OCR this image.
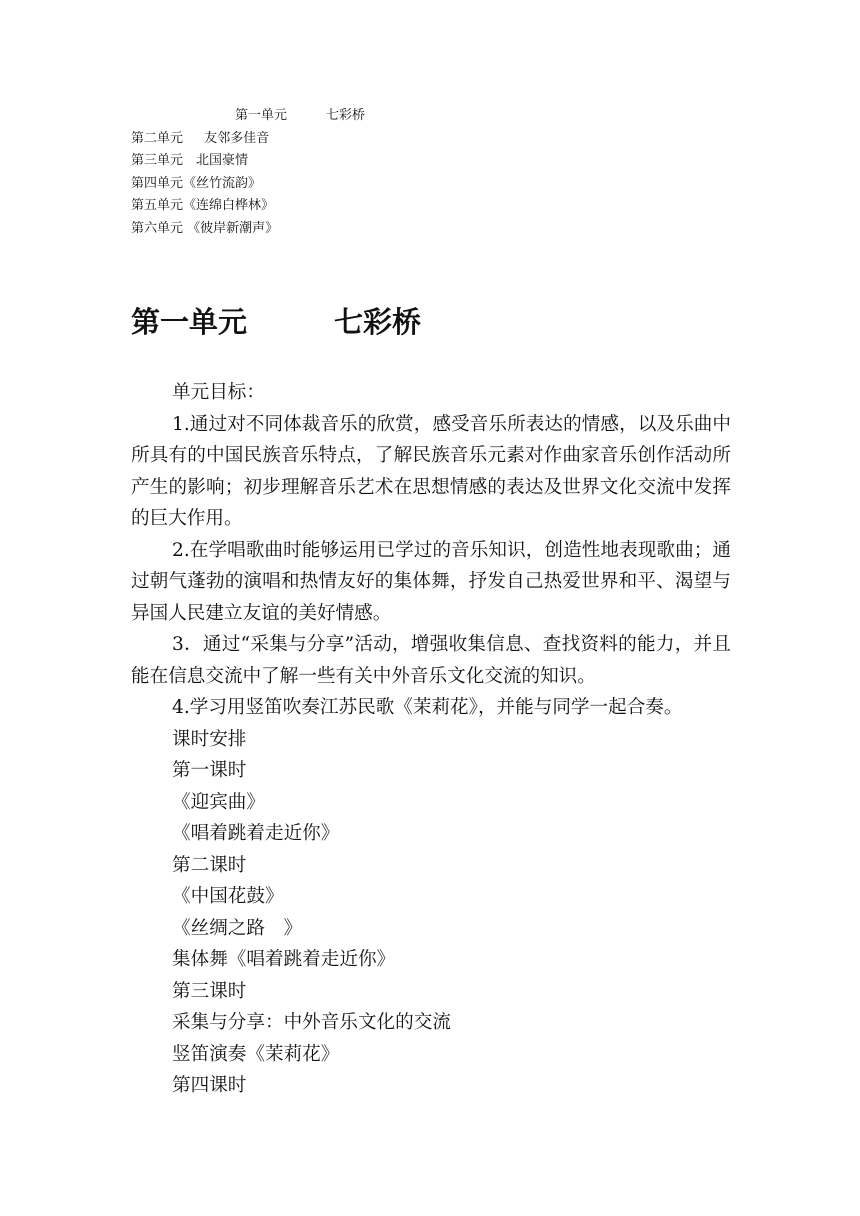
第一单元　　　七彩桥
第二单元　  友邻多佳音
第三单元　北国豪情
第四单元《丝竹流韵》
第五单元《连绵白桦林》
第六单元 《彼岸新潮声》
第一单元　　　七彩桥

单元目标：

1.通过对不同体裁音乐的欣赏，感受音乐所表达的情感，以及乐曲中所具有的中国民族音乐特点，了解民族音乐元素对作曲家音乐创作活动所产生的影响；初步理解音乐艺术在思想情感的表达及世界文化交流中发挥的巨大作用。

2.在学唱歌曲时能够运用已学过的音乐知识，创造性地表现歌曲；通过朝气蓬勃的演唱和热情友好的集体舞，抒发自己热爱世界和平、渴望与异国人民建立友谊的美好情感。

3．通过“采集与分享”活动，增强收集信息、查找资料的能力，并且能在信息交流中了解一些有关中外音乐文化交流的知识。

4.学习用竖笛吹奏江苏民歌《茉莉花》，并能与同学一起合奏。

课时安排

第一课时

《迎宾曲》

《唱着跳着走近你》

第二课时

《中国花鼓》

《丝绸之路　》

集体舞《唱着跳着走近你》

第三课时

采集与分享：中外音乐文化的交流

竖笛演奏《茉莉花》

第四课时
